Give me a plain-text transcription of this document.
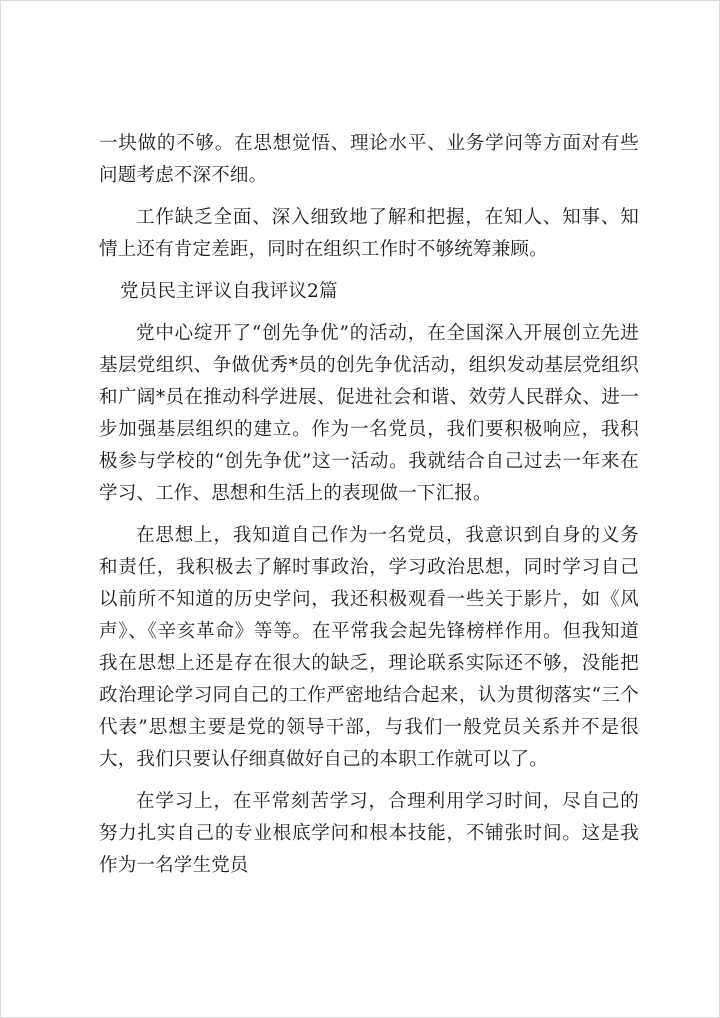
一块做的不够。在思想觉悟、理论水平、业务学问等方面对有些问题考虑不深不细。

工作缺乏全面、深入细致地了解和把握，在知人、知事、知情上还有肯定差距，同时在组织工作时不够统筹兼顾。

党员民主评议自我评议2篇

党中心绽开了“创先争优”的活动，在全国深入开展创立先进基层党组织、争做优秀*员的创先争优活动，组织发动基层党组织和广阔*员在推动科学进展、促进社会和谐、效劳人民群众、进一步加强基层组织的建立。作为一名党员，我们要积极响应，我积极参与学校的“创先争优”这一活动。我就结合自己过去一年来在学习、工作、思想和生活上的表现做一下汇报。

在思想上，我知道自己作为一名党员，我意识到自身的义务和责任，我积极去了解时事政治，学习政治思想，同时学习自己以前所不知道的历史学问，我还积极观看一些关于影片，如《风声》、《辛亥革命》等等。在平常我会起先锋榜样作用。但我知道我在思想上还是存在很大的缺乏，理论联系实际还不够，没能把政治理论学习同自己的工作严密地结合起来，认为贯彻落实“三个代表”思想主要是党的领导干部，与我们一般党员关系并不是很大，我们只要认仔细真做好自己的本职工作就可以了。

在学习上，在平常刻苦学习，合理利用学习时间，尽自己的努力扎实自己的专业根底学问和根本技能，不铺张时间。这是我作为一名学生党员
